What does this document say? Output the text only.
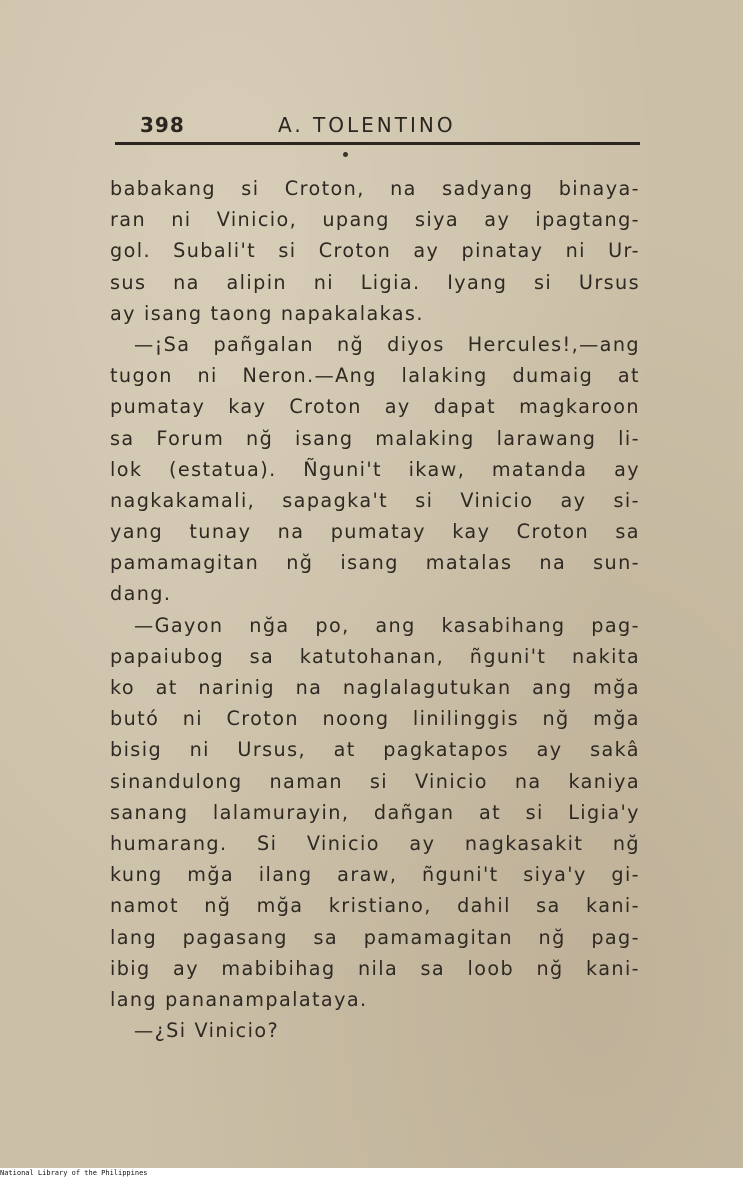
398	A. TOLENTINO
babakang si Croton, na sadyang binaya-
ran ni Vinicio, upang siya ay ipagtang-
gol. Subali't si Croton ay pinatay ni Ur-
sus na alipin ni Ligia. Iyang si Ursus
ay isang taong napakalakas.
—¡Sa pañgalan nğ diyos Hercules!,—ang
tugon ni Neron.—Ang lalaking dumaig at
pumatay kay Croton ay dapat magkaroon
sa Forum nğ isang malaking larawang li-
lok (estatua). Ñguni't ikaw, matanda ay
nagkakamali, sapagka't si Vinicio ay si-
yang tunay na pumatay kay Croton sa
pamamagitan nğ isang matalas na sun-
dang.
—Gayon nğa po, ang kasabihang pag-
papaiubog sa katutohanan, ñguni't nakita
ko at narinig na naglalagutukan ang mğa
butó ni Croton noong linilinggis nğ mğa
bisig ni Ursus, at pagkatapos ay sakâ
sinandulong naman si Vinicio na kaniya
sanang lalamurayin, dañgan at si Ligia'y
humarang. Si Vinicio ay nagkasakit nğ
kung mğa ilang araw, ñguni't siya'y gi-
namot nğ mğa kristiano, dahil sa kani-
lang pagasang sa pamamagitan nğ pag-
ibig ay mabibihag nila sa loob nğ kani-
lang pananampalataya.
—¿Si Vinicio?
National Library of the Philippines
